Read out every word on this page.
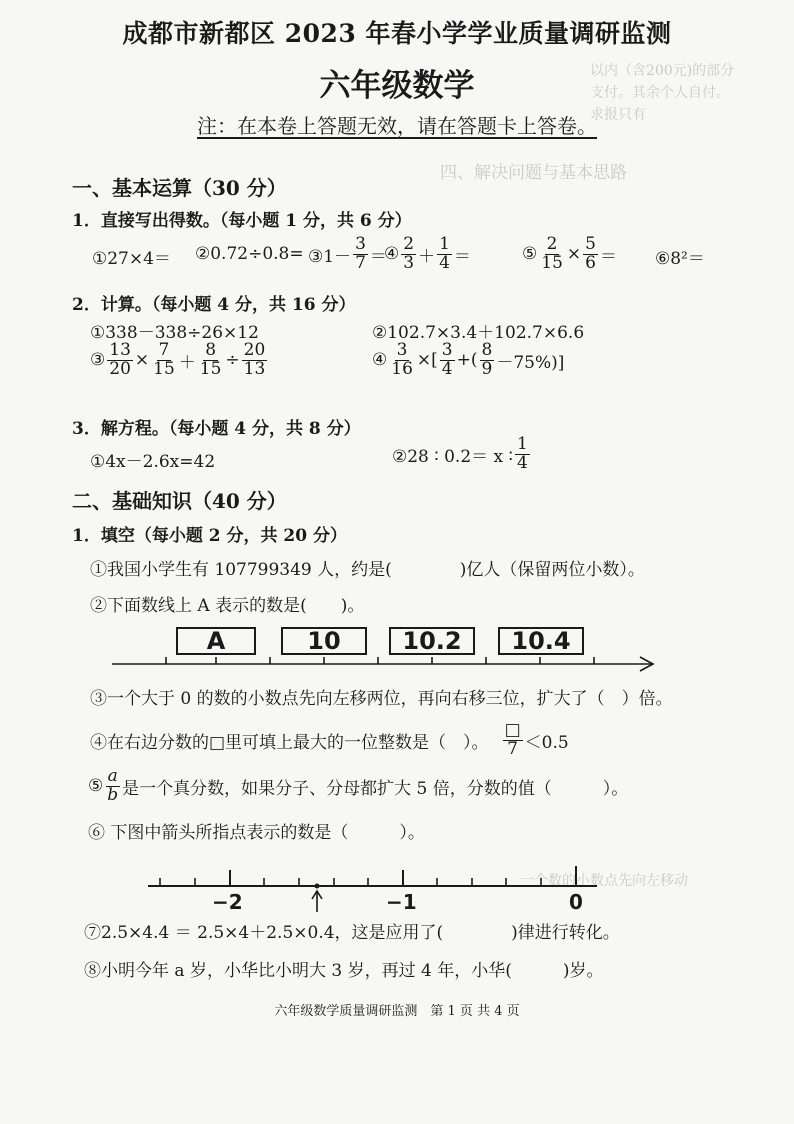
以内（含200元)的部分
支付。其余个人自付。
求报只有
四、解决问题与基本思路
一个数的小数点先向左移动
成都市新都区 2023 年春小学学业质量调研监测
六年级数学
注：在本卷上答题无效，请在答题卡上答卷。
一、基本运算（30 分）
1．直接写出得数。（每小题 1 分，共 6 分）
①27×4＝ ②0.72÷0.8= ③1－ $\frac{3}{7}$ ＝
④ $\frac{2}{3} + \frac{1}{4}$ ＝	⑤ $\frac{2}{15} \times \frac{5}{6}$ ＝ ⑥8²＝
2．计算。（每小题 4 分，共 16 分）
①338－338÷26×12	②102.7×3.4＋102.7×6.6
③ $\frac{13}{20} \times \frac{7}{15} + \frac{8}{15} \div \frac{20}{13}$	④ $\frac{3}{16}$ ×[ $\frac{3}{4}$ +( $\frac{8}{9} -75\%$)]
3．解方程。（每小题 4 分，共 8 分）
①4x－2.6x=42	②28 ∶ 0.2＝ x ∶ $\frac{1}{4}$
二、基础知识（40 分）
1．填空（每小题 2 分，共 20 分）
①我国小学生有 107799349 人，约是(　　　　)亿人（保留两位小数）。
②下面数线上 A 表示的数是(　　)。
A	10	10.2	10.4
③一个大于 0 的数的小数点先向左移两位，再向右移三位，扩大了（　）倍。
④在右边分数的□里可填上最大的一位整数是（　）。 $\frac{□}{7} <0.5$
⑤ $\frac{a}{b}$ 是一个真分数，如果分子、分母都扩大 5 倍，分数的值（　　　）。
⑥ 下图中箭头所指点表示的数是（　　　）。
−2	−1	0
⑦2.5×4.4 ＝ 2.5×4＋2.5×0.4，这是应用了(　　　　)律进行转化。
⑧小明今年 a 岁，小华比小明大 3 岁，再过 4 年，小华(　　　)岁。
六年级数学质量调研监测　第 1 页 共 4 页
